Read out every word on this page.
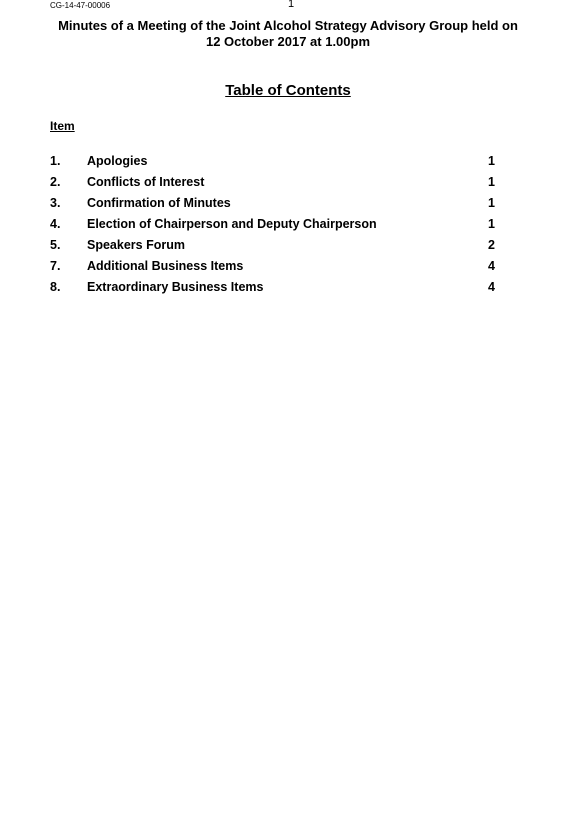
CG-14-47-00006	1
Minutes of a Meeting of the Joint Alcohol Strategy Advisory Group held on
12 October 2017 at 1.00pm
Table of Contents
Item
1. Apologies	1
2. Conflicts of Interest	1
3. Confirmation of Minutes	1
4. Election of Chairperson and Deputy Chairperson	1
5. Speakers Forum	2
7. Additional Business Items	4
8. Extraordinary Business Items	4
